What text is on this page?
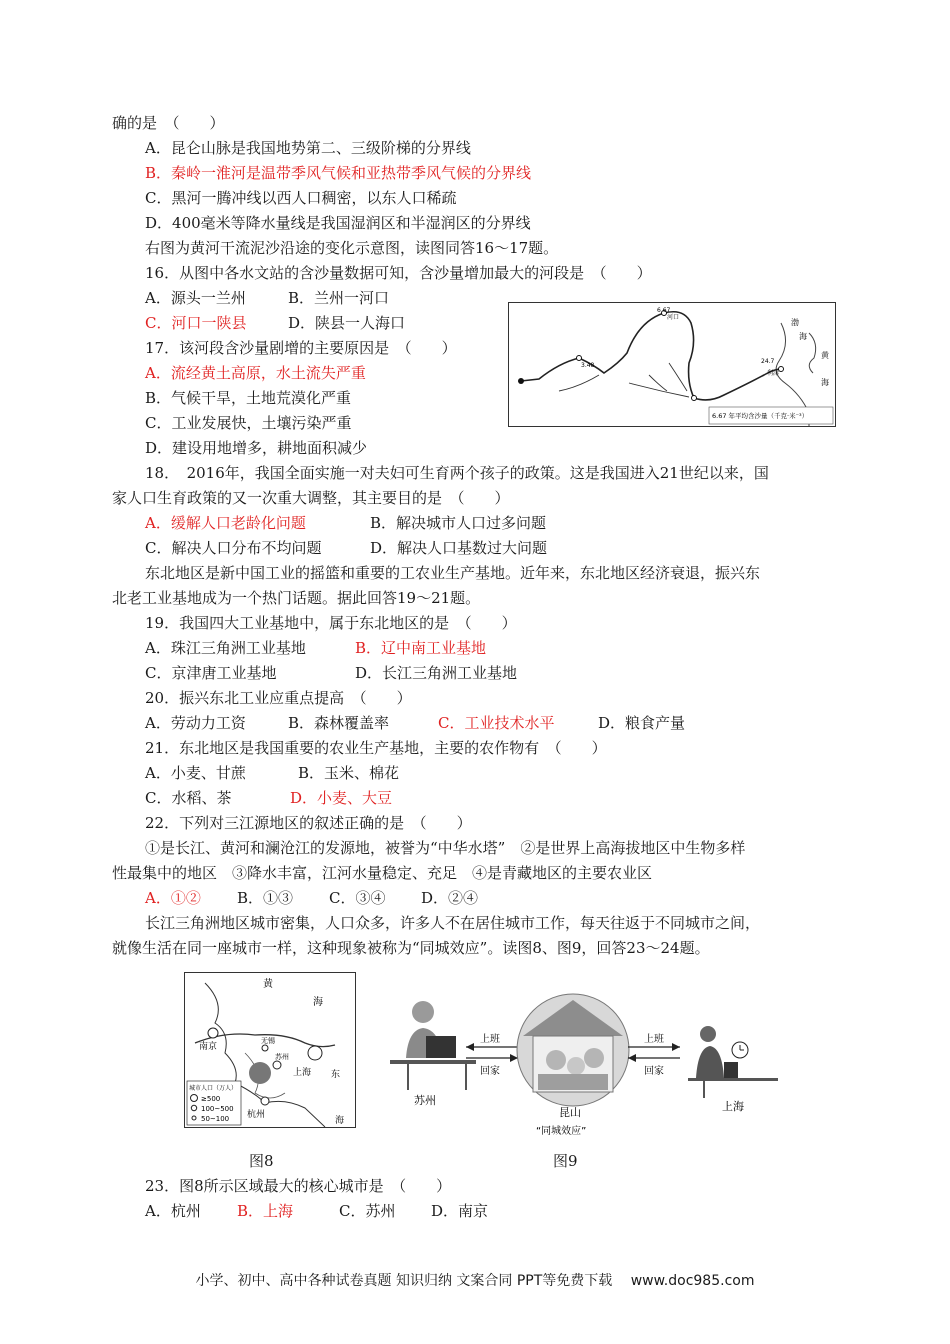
确的是　（　　）
A．昆仑山脉是我国地势第二、三级阶梯的分界线
B．秦岭一淮河是温带季风气候和亚热带季风气候的分界线
C．黑河一腾冲线以西人口稠密，以东人口稀疏
D．400毫米等降水量线是我国湿润区和半湿润区的分界线
右图为黄河干流泥沙沿途的变化示意图，读图同答16～17题。
16．从图中各水文站的含沙量数据可知，含沙量增加最大的河段是　（　　）
A．源头一兰州	B．兰州一河口
C．河口一陕县	D．陕县一人海口
17．该河段含沙量剧增的主要原因是　（　　）
A．流经黄土高原，水土流失严重
B．气候干旱，土地荒漠化严重
C．工业发展快，土壤污染严重
D．建设用地增多，耕地面积减少
18．　2016年，我国全面实施一对夫妇可生育两个孩子的政策。这是我国进入21世纪以来，国
家人口生育政策的又一次重大调整，其主要目的是　（　　）
A．缓解人口老龄化问题	B．解决城市人口过多问题
C．解决人口分布不均问题	D．解决人口基数过大问题
东北地区是新中国工业的摇篮和重要的工农业生产基地。近年来，东北地区经济衰退，振兴东
北老工业基地成为一个热门话题。据此回答19～21题。
19．我国四大工业基地中，属于东北地区的是　（　　）
A．珠江三角洲工业基地	B．辽中南工业基地
C．京津唐工业基地	D．长江三角洲工业基地
20．振兴东北工业应重点提高　（　　）
A．劳动力工资	B．森林覆盖率	C．工业技术水平	D．粮食产量
21．东北地区是我国重要的农业生产基地，主要的农作物有　（　　）
A．小麦、甘蔗	B．玉米、棉花
C．水稻、茶	D．小麦、大豆
22．下列对三江源地区的叙述正确的是　（　　）
①是长江、黄河和澜沧江的发源地，被誉为“中华水塔”　②是世界上高海拔地区中生物多样
性最集中的地区　③降水丰富，江河水量稳定、充足　④是青藏地区的主要农业区
A．①② B．①③ C．③④ D．②④
长江三角洲地区城市密集，人口众多，许多人不在居住城市工作，每天往返于不同城市之间，
就像生活在同一座城市一样，这种现象被称为“同城效应”。读图8、图9，回答23～24题。
渤
海
黄
海
河口
6.67
24.7
利津
3.48
6.67 年平均含沙量（千克·米⁻³）
黄
海
南京
无锡
苏州
上海 东
杭州
海
城市人口（万人）
≥500
100~500
50~100
图8
苏州
上班
回家
昆山
“同城效应”
上班
回家
上海
图9
23．图8所示区域最大的核心城市是　（　　）
A．杭州 B．上海	C．苏州 D．南京
小学、初中、高中各种试卷真题 知识归纳 文案合同 PPT等免费下载　 www.doc985.com
